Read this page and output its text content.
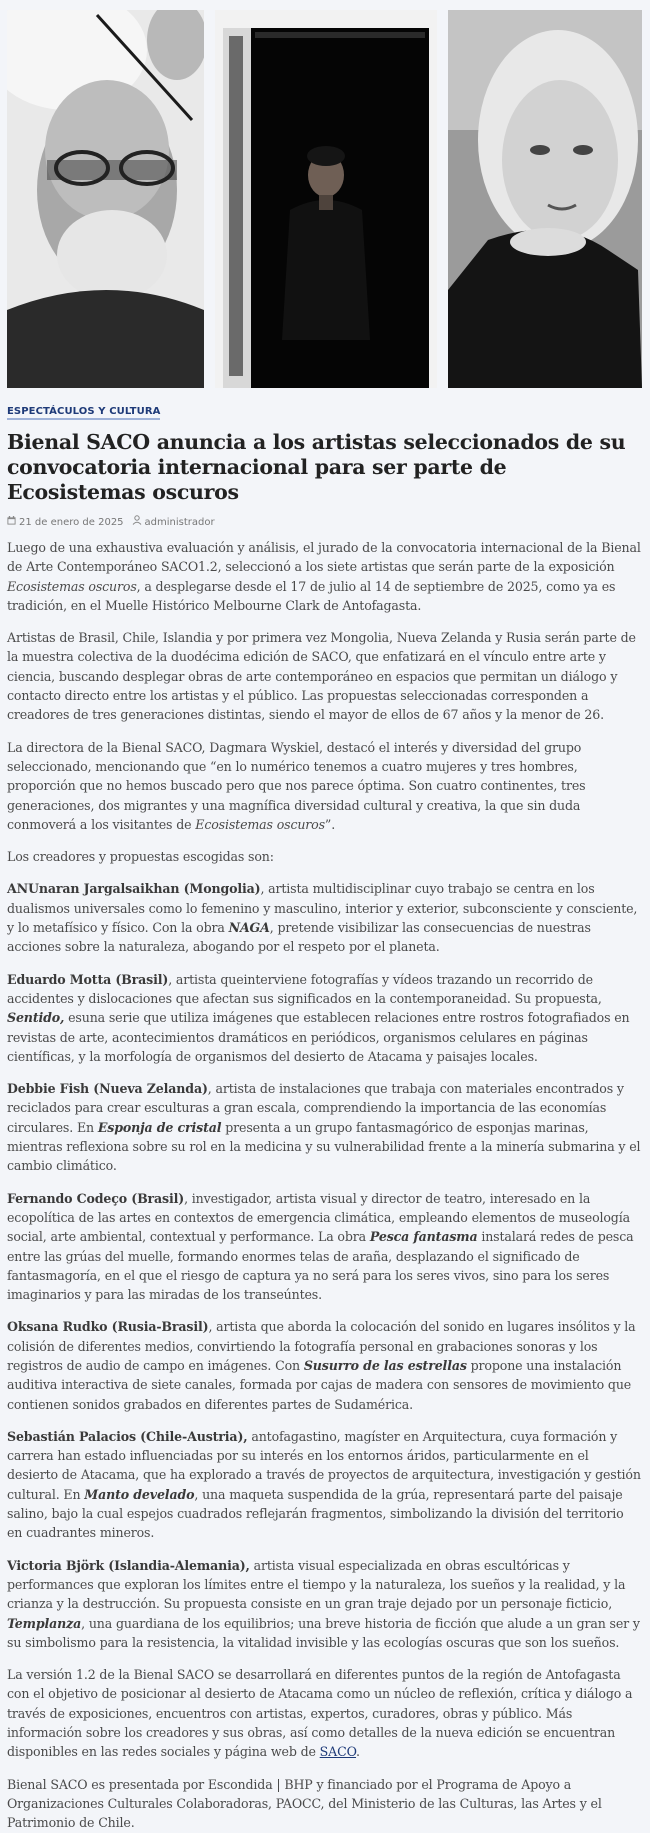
ESPECTÁCULOS Y CULTURA
Bienal SACO anuncia a los artistas seleccionados de su convocatoria internacional para ser parte de Ecosistemas oscuros
21 de enero de 2025	administrador

Luego de una exhaustiva evaluación y análisis, el jurado de la convocatoria internacional de la Bienal de Arte Contemporáneo SACO1.2, seleccionó a los siete artistas que serán parte de la exposición Ecosistemas oscuros, a desplegarse desde el 17 de julio al 14 de septiembre de 2025, como ya es tradición, en el Muelle Histórico Melbourne Clark de Antofagasta.

Artistas de Brasil, Chile, Islandia y por primera vez Mongolia, Nueva Zelanda y Rusia serán parte de la muestra colectiva de la duodécima edición de SACO, que enfatizará en el vínculo entre arte y ciencia, buscando desplegar obras de arte contemporáneo en espacios que permitan un diálogo y contacto directo entre los artistas y el público. Las propuestas seleccionadas corresponden a creadores de tres generaciones distintas, siendo el mayor de ellos de 67 años y la menor de 26.

La directora de la Bienal SACO, Dagmara Wyskiel, destacó el interés y diversidad del grupo seleccionado, mencionando que “en lo numérico tenemos a cuatro mujeres y tres hombres, proporción que no hemos buscado pero que nos parece óptima. Son cuatro continentes, tres generaciones, dos migrantes y una magnífica diversidad cultural y creativa, la que sin duda conmoverá a los visitantes de Ecosistemas oscuros”.

Los creadores y propuestas escogidas son:

ANUnaran Jargalsaikhan (Mongolia), artista multidisciplinar cuyo trabajo se centra en los dualismos universales como lo femenino y masculino, interior y exterior, subconsciente y consciente, y lo metafísico y físico. Con la obra NAGA, pretende visibilizar las consecuencias de nuestras acciones sobre la naturaleza, abogando por el respeto por el planeta.

Eduardo Motta (Brasil), artista queinterviene fotografías y vídeos trazando un recorrido de accidentes y dislocaciones que afectan sus significados en la contemporaneidad. Su propuesta, Sentido, esuna serie que utiliza imágenes que establecen relaciones entre rostros fotografiados en revistas de arte, acontecimientos dramáticos en periódicos, organismos celulares en páginas científicas, y la morfología de organismos del desierto de Atacama y paisajes locales.

Debbie Fish (Nueva Zelanda), artista de instalaciones que trabaja con materiales encontrados y reciclados para crear esculturas a gran escala, comprendiendo la importancia de las economías circulares. En Esponja de cristal presenta a un grupo fantasmagórico de esponjas marinas, mientras reflexiona sobre su rol en la medicina y su vulnerabilidad frente a la minería submarina y el cambio climático.

Fernando Codeço (Brasil), investigador, artista visual y director de teatro, interesado en la ecopolítica de las artes en contextos de emergencia climática, empleando elementos de museología social, arte ambiental, contextual y performance. La obra Pesca fantasma instalará redes de pesca entre las grúas del muelle, formando enormes telas de araña, desplazando el significado de fantasmagoría, en el que el riesgo de captura ya no será para los seres vivos, sino para los seres imaginarios y para las miradas de los transeúntes.

Oksana Rudko (Rusia-Brasil), artista que aborda la colocación del sonido en lugares insólitos y la colisión de diferentes medios, convirtiendo la fotografía personal en grabaciones sonoras y los registros de audio de campo en imágenes. Con Susurro de las estrellas propone una instalación auditiva interactiva de siete canales, formada por cajas de madera con sensores de movimiento que contienen sonidos grabados en diferentes partes de Sudamérica.

Sebastián Palacios (Chile-Austria), antofagastino, magíster en Arquitectura, cuya formación y carrera han estado influenciadas por su interés en los entornos áridos, particularmente en el desierto de Atacama, que ha explorado a través de proyectos de arquitectura, investigación y gestión cultural. En Manto develado, una maqueta suspendida de la grúa, representará parte del paisaje salino, bajo la cual espejos cuadrados reflejarán fragmentos, simbolizando la división del territorio en cuadrantes mineros.

Victoria Björk (Islandia-Alemania), artista visual especializada en obras escultóricas y performances que exploran los límites entre el tiempo y la naturaleza, los sueños y la realidad, y la crianza y la destrucción. Su propuesta consiste en un gran traje dejado por un personaje ficticio, Templanza, una guardiana de los equilibrios; una breve historia de ficción que alude a un gran ser y su simbolismo para la resistencia, la vitalidad invisible y las ecologías oscuras que son los sueños.

La versión 1.2 de la Bienal SACO se desarrollará en diferentes puntos de la región de Antofagasta con el objetivo de posicionar al desierto de Atacama como un núcleo de reflexión, crítica y diálogo a través de exposiciones, encuentros con artistas, expertos, curadores, obras y público. Más información sobre los creadores y sus obras, así como detalles de la nueva edición se encuentran disponibles en las redes sociales y página web de SACO.

Bienal SACO es presentada por Escondida | BHP y financiado por el Programa de Apoyo a Organizaciones Culturales Colaboradoras, PAOCC, del Ministerio de las Culturas, las Artes y el Patrimonio de Chile.
